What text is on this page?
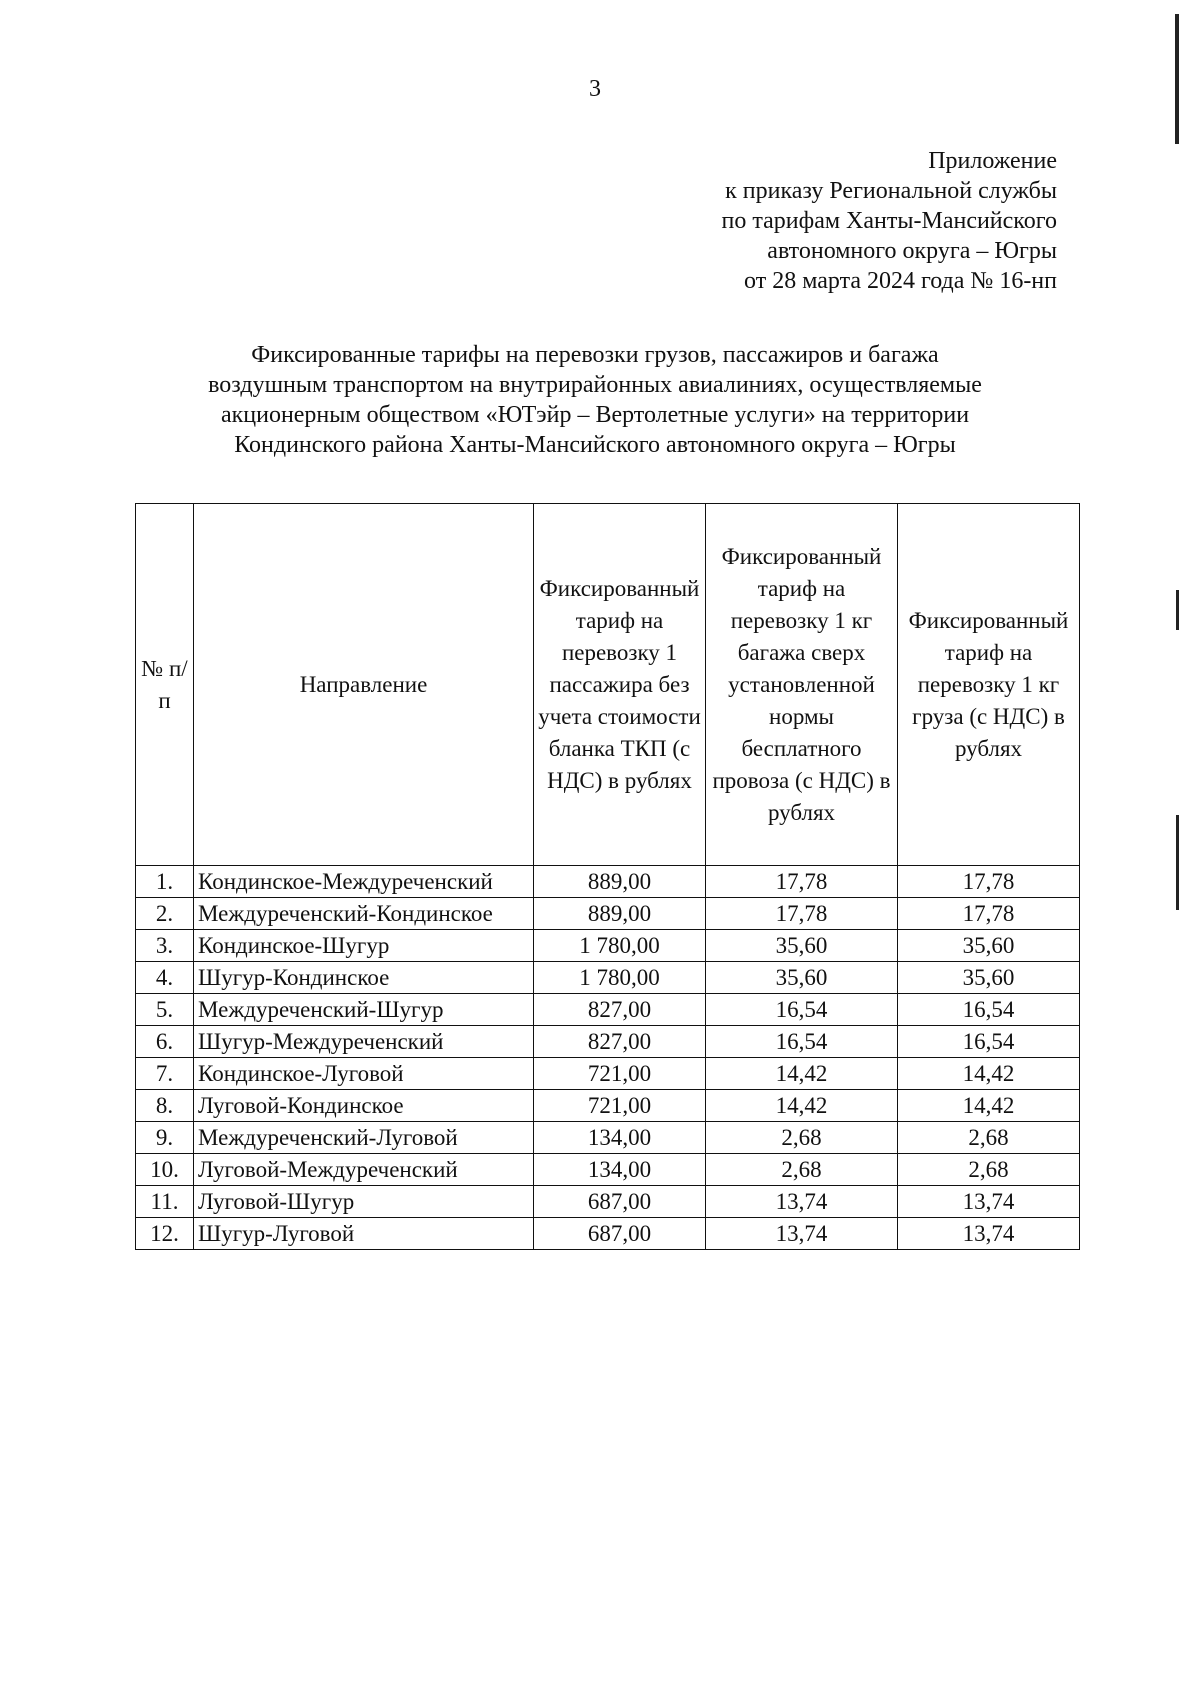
3
Приложение
к приказу Региональной службы
по тарифам Ханты-Мансийского
автономного округа – Югры
от 28 марта 2024 года № 16-нп
Фиксированные тарифы на перевозки грузов, пассажиров и багажа
воздушным транспортом на внутрирайонных авиалиниях, осуществляемые
акционерным обществом «ЮТэйр – Вертолетные услуги» на территории
Кондинского района Ханты-Мансийского автономного округа – Югры
№ п/п	Направление	Фиксированный тариф на перевозку 1 пассажира без учета стоимости бланка ТКП (с НДС) в рублях	Фиксированный тариф на перевозку 1 кг багажа сверх установленной нормы бесплатного провоза (с НДС) в рублях	Фиксированный тариф на перевозку 1 кг груза (с НДС) в рублях
1.	Кондинское-Междуреченский	889,00	17,78	17,78
2.	Междуреченский-Кондинское	889,00	17,78	17,78
3.	Кондинское-Шугур	1 780,00	35,60	35,60
4.	Шугур-Кондинское	1 780,00	35,60	35,60
5.	Междуреченский-Шугур	827,00	16,54	16,54
6.	Шугур-Междуреченский	827,00	16,54	16,54
7.	Кондинское-Луговой	721,00	14,42	14,42
8.	Луговой-Кондинское	721,00	14,42	14,42
9.	Междуреченский-Луговой	134,00	2,68	2,68
10.	Луговой-Междуреченский	134,00	2,68	2,68
11.	Луговой-Шугур	687,00	13,74	13,74
12.	Шугур-Луговой	687,00	13,74	13,74
